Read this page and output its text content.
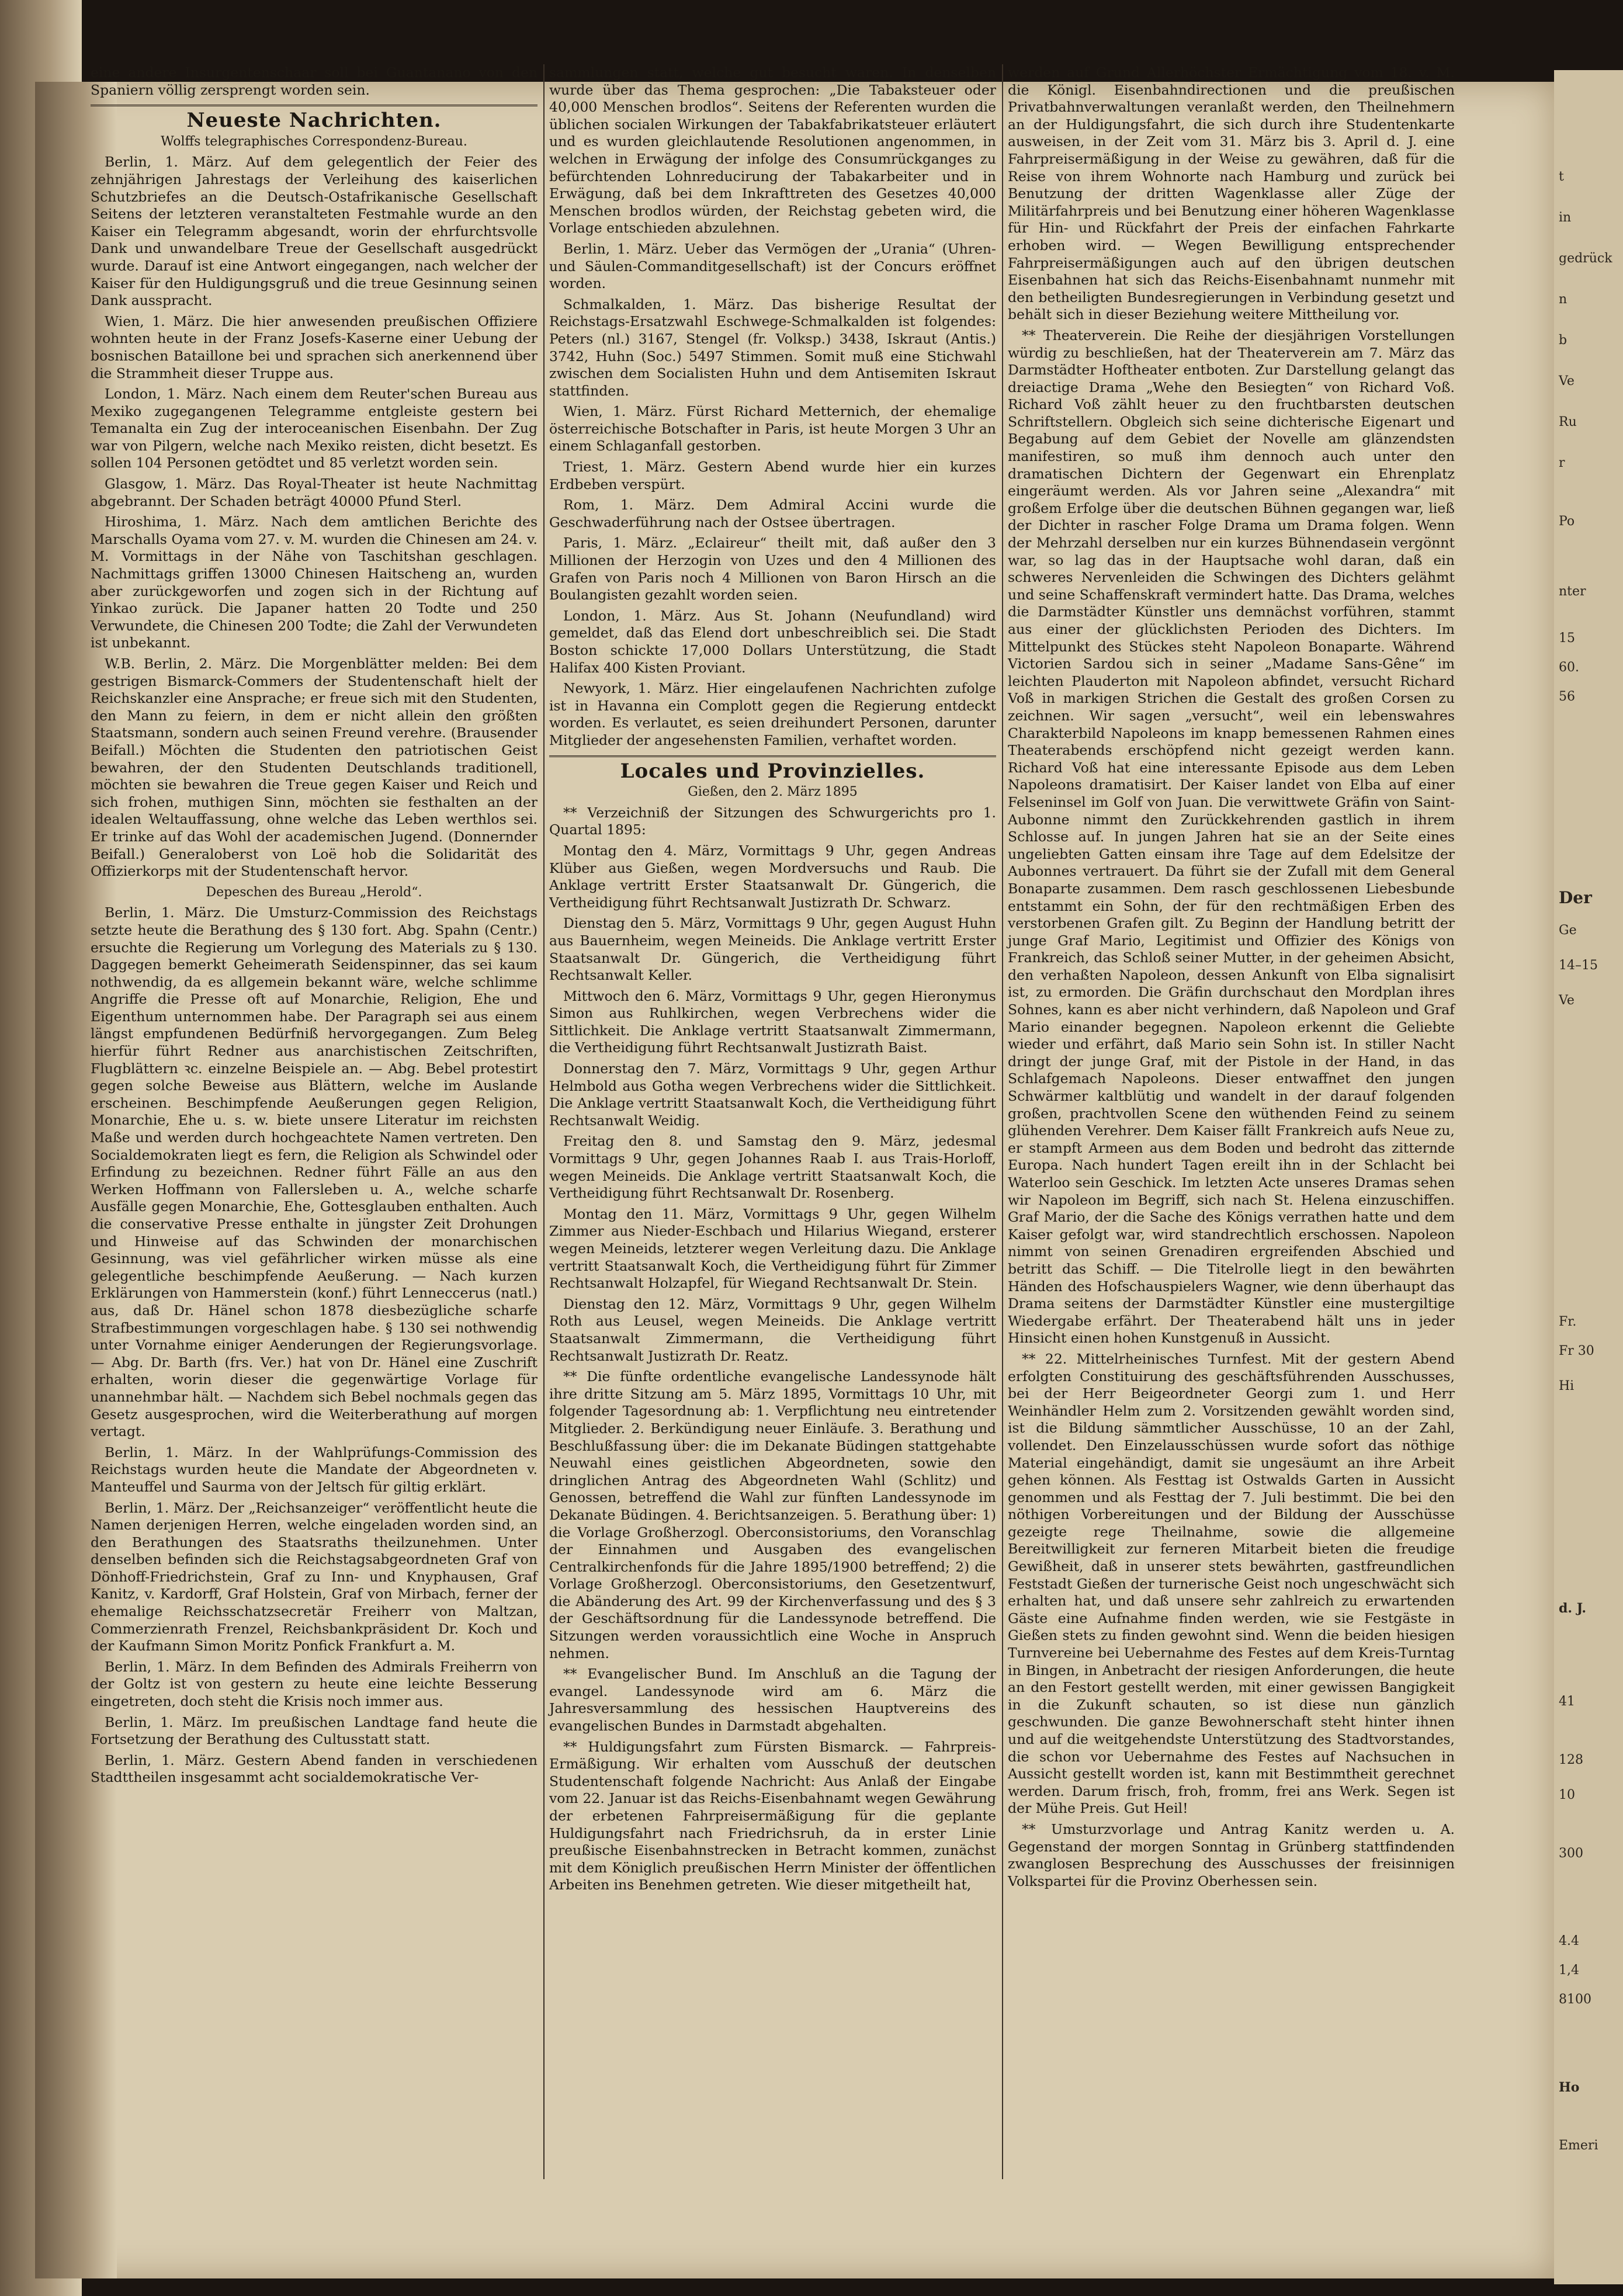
eine andere Insurgentenschaar soll bei Guantanano von den Spaniern völlig zersprengt worden sein.

Neueste Nachrichten.

Wolffs telegraphisches Correspondenz-Bureau.

Berlin, 1. März. Auf dem gelegentlich der Feier des zehnjährigen Jahrestags der Verleihung des kaiserlichen Schutzbriefes an die Deutsch-Ostafrikanische Gesellschaft Seitens der letzteren veranstalteten Festmahle wurde an den Kaiser ein Telegramm abgesandt, worin der ehrfurchtsvolle Dank und unwandelbare Treue der Gesellschaft ausgedrückt wurde. Darauf ist eine Antwort eingegangen, nach welcher der Kaiser für den Huldigungsgruß und die treue Gesinnung seinen Dank ausspracht.

Wien, 1. März. Die hier anwesenden preußischen Offiziere wohnten heute in der Franz Josefs-Kaserne einer Uebung der bosnischen Bataillone bei und sprachen sich anerkennend über die Strammheit dieser Truppe aus.

London, 1. März. Nach einem dem Reuter'schen Bureau aus Mexiko zugegangenen Telegramme entgleiste gestern bei Temanalta ein Zug der interoceanischen Eisenbahn. Der Zug war von Pilgern, welche nach Mexiko reisten, dicht besetzt. Es sollen 104 Personen getödtet und 85 verletzt worden sein.

Glasgow, 1. März. Das Royal-Theater ist heute Nachmittag abgebrannt. Der Schaden beträgt 40000 Pfund Sterl.

Hiroshima, 1. März. Nach dem amtlichen Berichte des Marschalls Oyama vom 27. v. M. wurden die Chinesen am 24. v. M. Vormittags in der Nähe von Taschitshan geschlagen. Nachmittags griffen 13000 Chinesen Haitscheng an, wurden aber zurückgeworfen und zogen sich in der Richtung auf Yinkao zurück. Die Japaner hatten 20 Todte und 250 Verwundete, die Chinesen 200 Todte; die Zahl der Verwundeten ist unbekannt.

W.B. Berlin, 2. März. Die Morgenblätter melden: Bei dem gestrigen Bismarck-Commers der Studentenschaft hielt der Reichskanzler eine Ansprache; er freue sich mit den Studenten, den Mann zu feiern, in dem er nicht allein den größten Staatsmann, sondern auch seinen Freund verehre. (Brausender Beifall.) Möchten die Studenten den patriotischen Geist bewahren, der den Studenten Deutschlands traditionell, möchten sie bewahren die Treue gegen Kaiser und Reich und sich frohen, muthigen Sinn, möchten sie festhalten an der idealen Weltauffassung, ohne welche das Leben werthlos sei. Er trinke auf das Wohl der academischen Jugend. (Donnernder Beifall.) Generaloberst von Loë hob die Solidarität des Offizierkorps mit der Studentenschaft hervor.

Depeschen des Bureau „Herold“.

Berlin, 1. März. Die Umsturz-Commission des Reichstags setzte heute die Berathung des § 130 fort. Abg. Spahn (Centr.) ersuchte die Regierung um Vorlegung des Materials zu § 130. Daggegen bemerkt Geheimerath Seidenspinner, das sei kaum nothwendig, da es allgemein bekannt wäre, welche schlimme Angriffe die Presse oft auf Monarchie, Religion, Ehe und Eigenthum unternommen habe. Der Paragraph sei aus einem längst empfundenen Bedürfniß hervorgegangen. Zum Beleg hierfür führt Redner aus anarchistischen Zeitschriften, Flugblättern ꝛc. einzelne Beispiele an. — Abg. Bebel protestirt gegen solche Beweise aus Blättern, welche im Auslande erscheinen. Beschimpfende Aeußerungen gegen Religion, Monarchie, Ehe u. s. w. biete unsere Literatur im reichsten Maße und werden durch hochgeachtete Namen vertreten. Den Socialdemokraten liegt es fern, die Religion als Schwindel oder Erfindung zu bezeichnen. Redner führt Fälle an aus den Werken Hoffmann von Fallersleben u. A., welche scharfe Ausfälle gegen Monarchie, Ehe, Gottesglauben enthalten. Auch die conservative Presse enthalte in jüngster Zeit Drohungen und Hinweise auf das Schwinden der monarchischen Gesinnung, was viel gefährlicher wirken müsse als eine gelegentliche beschimpfende Aeußerung. — Nach kurzen Erklärungen von Hammerstein (konf.) führt Lenneccerus (natl.) aus, daß Dr. Hänel schon 1878 diesbezügliche scharfe Strafbestimmungen vorgeschlagen habe. § 130 sei nothwendig unter Vornahme einiger Aenderungen der Regierungsvorlage. — Abg. Dr. Barth (frs. Ver.) hat von Dr. Hänel eine Zuschrift erhalten, worin dieser die gegenwärtige Vorlage für unannehmbar hält. — Nachdem sich Bebel nochmals gegen das Gesetz ausgesprochen, wird die Weiterberathung auf morgen vertagt.

Berlin, 1. März. In der Wahlprüfungs-Commission des Reichstags wurden heute die Mandate der Abgeordneten v. Manteuffel und Saurma von der Jeltsch für giltig erklärt.

Berlin, 1. März. Der „Reichsanzeiger“ veröffentlicht heute die Namen derjenigen Herren, welche eingeladen worden sind, an den Berathungen des Staatsraths theilzunehmen. Unter denselben befinden sich die Reichstagsabgeordneten Graf von Dönhoff-Friedrichstein, Graf zu Inn- und Knyphausen, Graf Kanitz, v. Kardorff, Graf Holstein, Graf von Mirbach, ferner der ehemalige Reichsschatzsecretär Freiherr von Maltzan, Commerzienrath Frenzel, Reichsbankpräsident Dr. Koch und der Kaufmann Simon Moritz Ponfick Frankfurt a. M.

Berlin, 1. März. In dem Befinden des Admirals Freiherrn von der Goltz ist von gestern zu heute eine leichte Besserung eingetreten, doch steht die Krisis noch immer aus.

Berlin, 1. März. Im preußischen Landtage fand heute die Fortsetzung der Berathung des Cultusstatt statt.

Berlin, 1. März. Gestern Abend fanden in verschiedenen Stadttheilen insgesammt acht socialdemokratische Ver-

sammlungen statt, welche gut besucht waren. In denselben wurde über das Thema gesprochen: „Die Tabaksteuer oder 40,000 Menschen brodlos“. Seitens der Referenten wurden die üblichen socialen Wirkungen der Tabakfabrikatsteuer erläutert und es wurden gleichlautende Resolutionen angenommen, in welchen in Erwägung der infolge des Consumrückganges zu befürchtenden Lohnreducirung der Tabakarbeiter und in Erwägung, daß bei dem Inkrafttreten des Gesetzes 40,000 Menschen brodlos würden, der Reichstag gebeten wird, die Vorlage entschieden abzulehnen.

Berlin, 1. März. Ueber das Vermögen der „Urania“ (Uhren- und Säulen-Commanditgesellschaft) ist der Concurs eröffnet worden.

Schmalkalden, 1. März. Das bisherige Resultat der Reichstags-Ersatzwahl Eschwege-Schmalkalden ist folgendes: Peters (nl.) 3167, Stengel (fr. Volksp.) 3438, Iskraut (Antis.) 3742, Huhn (Soc.) 5497 Stimmen. Somit muß eine Stichwahl zwischen dem Socialisten Huhn und dem Antisemiten Iskraut stattfinden.

Wien, 1. März. Fürst Richard Metternich, der ehemalige österreichische Botschafter in Paris, ist heute Morgen 3 Uhr an einem Schlaganfall gestorben.

Triest, 1. März. Gestern Abend wurde hier ein kurzes Erdbeben verspürt.

Rom, 1. März. Dem Admiral Accini wurde die Geschwaderführung nach der Ostsee übertragen.

Paris, 1. März. „Eclaireur“ theilt mit, daß außer den 3 Millionen der Herzogin von Uzes und den 4 Millionen des Grafen von Paris noch 4 Millionen von Baron Hirsch an die Boulangisten gezahlt worden seien.

London, 1. März. Aus St. Johann (Neufundland) wird gemeldet, daß das Elend dort unbeschreiblich sei. Die Stadt Boston schickte 17,000 Dollars Unterstützung, die Stadt Halifax 400 Kisten Proviant.

Newyork, 1. März. Hier eingelaufenen Nachrichten zufolge ist in Havanna ein Complott gegen die Regierung entdeckt worden. Es verlautet, es seien dreihundert Personen, darunter Mitglieder der angesehensten Familien, verhaftet worden.

Locales und Provinzielles.

Gießen, den 2. März 1895

** Verzeichniß der Sitzungen des Schwurgerichts pro 1. Quartal 1895:

Montag den 4. März, Vormittags 9 Uhr, gegen Andreas Klüber aus Gießen, wegen Mordversuchs und Raub. Die Anklage vertritt Erster Staatsanwalt Dr. Güngerich, die Vertheidigung führt Rechtsanwalt Justizrath Dr. Schwarz.

Dienstag den 5. März, Vormittags 9 Uhr, gegen August Huhn aus Bauernheim, wegen Meineids. Die Anklage vertritt Erster Staatsanwalt Dr. Güngerich, die Vertheidigung führt Rechtsanwalt Keller.

Mittwoch den 6. März, Vormittags 9 Uhr, gegen Hieronymus Simon aus Ruhlkirchen, wegen Verbrechens wider die Sittlichkeit. Die Anklage vertritt Staatsanwalt Zimmermann, die Vertheidigung führt Rechtsanwalt Justizrath Baist.

Donnerstag den 7. März, Vormittags 9 Uhr, gegen Arthur Helmbold aus Gotha wegen Verbrechens wider die Sittlichkeit. Die Anklage vertritt Staatsanwalt Koch, die Vertheidigung führt Rechtsanwalt Weidig.

Freitag den 8. und Samstag den 9. März, jedesmal Vormittags 9 Uhr, gegen Johannes Raab I. aus Trais-Horloff, wegen Meineids. Die Anklage vertritt Staatsanwalt Koch, die Vertheidigung führt Rechtsanwalt Dr. Rosenberg.

Montag den 11. März, Vormittags 9 Uhr, gegen Wilhelm Zimmer aus Nieder-Eschbach und Hilarius Wiegand, ersterer wegen Meineids, letzterer wegen Verleitung dazu. Die Anklage vertritt Staatsanwalt Koch, die Vertheidigung führt für Zimmer Rechtsanwalt Holzapfel, für Wiegand Rechtsanwalt Dr. Stein.

Dienstag den 12. März, Vormittags 9 Uhr, gegen Wilhelm Roth aus Leusel, wegen Meineids. Die Anklage vertritt Staatsanwalt Zimmermann, die Vertheidigung führt Rechtsanwalt Justizrath Dr. Reatz.

** Die fünfte ordentliche evangelische Landessynode hält ihre dritte Sitzung am 5. März 1895, Vormittags 10 Uhr, mit folgender Tagesordnung ab: 1. Verpflichtung neu eintretender Mitglieder. 2. Berkündigung neuer Einläufe. 3. Berathung und Beschlußfassung über: die im Dekanate Büdingen stattgehabte Neuwahl eines geistlichen Abgeordneten, sowie den dringlichen Antrag des Abgeordneten Wahl (Schlitz) und Genossen, betreffend die Wahl zur fünften Landessynode im Dekanate Büdingen. 4. Berichtsanzeigen. 5. Berathung über: 1) die Vorlage Großherzogl. Oberconsistoriums, den Voranschlag der Einnahmen und Ausgaben des evangelischen Centralkirchenfonds für die Jahre 1895/1900 betreffend; 2) die Vorlage Großherzogl. Oberconsistoriums, den Gesetzentwurf, die Abänderung des Art. 99 der Kirchenverfassung und des § 3 der Geschäftsordnung für die Landessynode betreffend. Die Sitzungen werden voraussichtlich eine Woche in Anspruch nehmen.

** Evangelischer Bund. Im Anschluß an die Tagung der evangel. Landessynode wird am 6. März die Jahresversammlung des hessischen Hauptvereins des evangelischen Bundes in Darmstadt abgehalten.

** Huldigungsfahrt zum Fürsten Bismarck. — Fahrpreis-Ermäßigung. Wir erhalten vom Ausschuß der deutschen Studentenschaft folgende Nachricht: Aus Anlaß der Eingabe vom 22. Januar ist das Reichs-Eisenbahnamt wegen Gewährung der erbetenen Fahrpreisermäßigung für die geplante Huldigungsfahrt nach Friedrichsruh, da in erster Linie preußische Eisenbahnstrecken in Betracht kommen, zunächst mit dem Königlich preußischen Herrn Minister der öffentlichen Arbeiten ins Benehmen getreten. Wie dieser mitgetheilt hat,

werden auf Grund Allerhöchster Ermächtigung vom 18. v. M. die Königl. Eisenbahndirectionen und die preußischen Privatbahnverwaltungen veranlaßt werden, den Theilnehmern an der Huldigungsfahrt, die sich durch ihre Studentenkarte ausweisen, in der Zeit vom 31. März bis 3. April d. J. eine Fahrpreisermäßigung in der Weise zu gewähren, daß für die Reise von ihrem Wohnorte nach Hamburg und zurück bei Benutzung der dritten Wagenklasse aller Züge der Militärfahrpreis und bei Benutzung einer höheren Wagenklasse für Hin- und Rückfahrt der Preis der einfachen Fahrkarte erhoben wird. — Wegen Bewilligung entsprechender Fahrpreisermäßigungen auch auf den übrigen deutschen Eisenbahnen hat sich das Reichs-Eisenbahnamt nunmehr mit den betheiligten Bundesregierungen in Verbindung gesetzt und behält sich in dieser Beziehung weitere Mittheilung vor.

** Theaterverein. Die Reihe der diesjährigen Vorstellungen würdig zu beschließen, hat der Theaterverein am 7. März das Darmstädter Hoftheater entboten. Zur Darstellung gelangt das dreiactige Drama „Wehe den Besiegten“ von Richard Voß. Richard Voß zählt heuer zu den fruchtbarsten deutschen Schriftstellern. Obgleich sich seine dichterische Eigenart und Begabung auf dem Gebiet der Novelle am glänzendsten manifestiren, so muß ihm dennoch auch unter den dramatischen Dichtern der Gegenwart ein Ehrenplatz eingeräumt werden. Als vor Jahren seine „Alexandra“ mit großem Erfolge über die deutschen Bühnen gegangen war, ließ der Dichter in rascher Folge Drama um Drama folgen. Wenn der Mehrzahl derselben nur ein kurzes Bühnendasein vergönnt war, so lag das in der Hauptsache wohl daran, daß ein schweres Nervenleiden die Schwingen des Dichters gelähmt und seine Schaffenskraft vermindert hatte. Das Drama, welches die Darmstädter Künstler uns demnächst vorführen, stammt aus einer der glücklichsten Perioden des Dichters. Im Mittelpunkt des Stückes steht Napoleon Bonaparte. Während Victorien Sardou sich in seiner „Madame Sans-Gêne“ im leichten Plauderton mit Napoleon abfindet, versucht Richard Voß in markigen Strichen die Gestalt des großen Corsen zu zeichnen. Wir sagen „versucht“, weil ein lebenswahres Charakterbild Napoleons im knapp bemessenen Rahmen eines Theaterabends erschöpfend nicht gezeigt werden kann. Richard Voß hat eine interessante Episode aus dem Leben Napoleons dramatisirt. Der Kaiser landet von Elba auf einer Felseninsel im Golf von Juan. Die verwittwete Gräfin von Saint-Aubonne nimmt den Zurückkehrenden gastlich in ihrem Schlosse auf. In jungen Jahren hat sie an der Seite eines ungeliebten Gatten einsam ihre Tage auf dem Edelsitze der Aubonnes vertrauert. Da führt sie der Zufall mit dem General Bonaparte zusammen. Dem rasch geschlossenen Liebesbunde entstammt ein Sohn, der für den rechtmäßigen Erben des verstorbenen Grafen gilt. Zu Beginn der Handlung betritt der junge Graf Mario, Legitimist und Offizier des Königs von Frankreich, das Schloß seiner Mutter, in der geheimen Absicht, den verhaßten Napoleon, dessen Ankunft von Elba signalisirt ist, zu ermorden. Die Gräfin durchschaut den Mordplan ihres Sohnes, kann es aber nicht verhindern, daß Napoleon und Graf Mario einander begegnen. Napoleon erkennt die Geliebte wieder und erfährt, daß Mario sein Sohn ist. In stiller Nacht dringt der junge Graf, mit der Pistole in der Hand, in das Schlafgemach Napoleons. Dieser entwaffnet den jungen Schwärmer kaltblütig und wandelt in der darauf folgenden großen, prachtvollen Scene den wüthenden Feind zu seinem glühenden Verehrer. Dem Kaiser fällt Frankreich aufs Neue zu, er stampft Armeen aus dem Boden und bedroht das zitternde Europa. Nach hundert Tagen ereilt ihn in der Schlacht bei Waterloo sein Geschick. Im letzten Acte unseres Dramas sehen wir Napoleon im Begriff, sich nach St. Helena einzuschiffen. Graf Mario, der die Sache des Königs verrathen hatte und dem Kaiser gefolgt war, wird standrechtlich erschossen. Napoleon nimmt von seinen Grenadiren ergreifenden Abschied und betritt das Schiff. — Die Titelrolle liegt in den bewährten Händen des Hofschauspielers Wagner, wie denn überhaupt das Drama seitens der Darmstädter Künstler eine mustergiltige Wiedergabe erfährt. Der Theaterabend hält uns in jeder Hinsicht einen hohen Kunstgenuß in Aussicht.

** 22. Mittelrheinisches Turnfest. Mit der gestern Abend erfolgten Constituirung des geschäftsführenden Ausschusses, bei der Herr Beigeordneter Georgi zum 1. und Herr Weinhändler Helm zum 2. Vorsitzenden gewählt worden sind, ist die Bildung sämmtlicher Ausschüsse, 10 an der Zahl, vollendet. Den Einzelausschüssen wurde sofort das nöthige Material eingehändigt, damit sie ungesäumt an ihre Arbeit gehen können. Als Festtag ist Ostwalds Garten in Aussicht genommen und als Festtag der 7. Juli bestimmt. Die bei den nöthigen Vorbereitungen und der Bildung der Ausschüsse gezeigte rege Theilnahme, sowie die allgemeine Bereitwilligkeit zur ferneren Mitarbeit bieten die freudige Gewißheit, daß in unserer stets bewährten, gastfreundlichen Feststadt Gießen der turnerische Geist noch ungeschwächt sich erhalten hat, und daß unsere sehr zahlreich zu erwartenden Gäste eine Aufnahme finden werden, wie sie Festgäste in Gießen stets zu finden gewohnt sind. Wenn die beiden hiesigen Turnvereine bei Uebernahme des Festes auf dem Kreis-Turntag in Bingen, in Anbetracht der riesigen Anforderungen, die heute an den Festort gestellt werden, mit einer gewissen Bangigkeit in die Zukunft schauten, so ist diese nun gänzlich geschwunden. Die ganze Bewohnerschaft steht hinter ihnen und auf die weitgehendste Unterstützung des Stadtvorstandes, die schon vor Uebernahme des Festes auf Nachsuchen in Aussicht gestellt worden ist, kann mit Bestimmtheit gerechnet werden. Darum frisch, froh, fromm, frei ans Werk. Segen ist der Mühe Preis. Gut Heil!

** Umsturzvorlage und Antrag Kanitz werden u. A. Gegenstand der morgen Sonntag in Grünberg stattfindenden zwanglosen Besprechung des Ausschusses der freisinnigen Volkspartei für die Provinz Oberhessen sein.

t
in
gedrück
n
b
Ve
Ru
r
Po
nter
15
60.
56
Der
Ge
14–15
Ve
Fr.
Fr 30
Hi
d. J.
41
128
10
300
4.4
1,4
8100
Ho
Emeri
